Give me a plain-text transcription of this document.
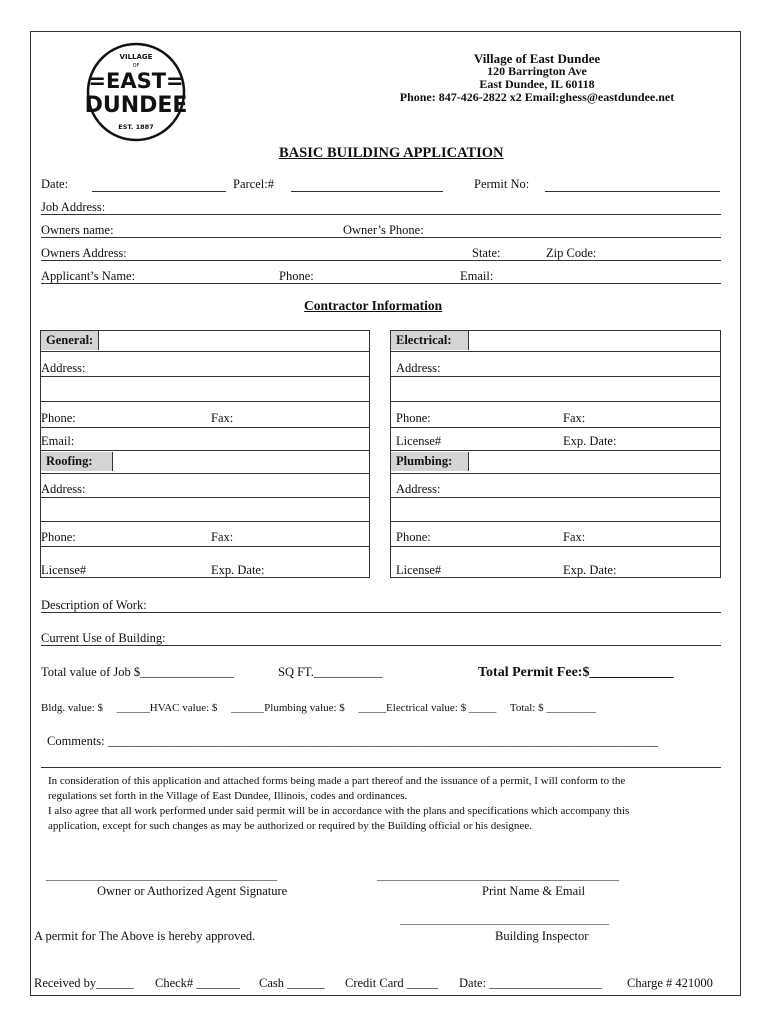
VILLAGE
OF
=EAST=
DUNDEE
EST. 1887
Village of East Dundee
120 Barrington Ave
East Dundee, IL 60118
Phone: 847-426-2822 x2 Email:ghess@eastdundee.net
BASIC BUILDING APPLICATION
Date:	Parcel:#	Permit No:
Job Address:
Owners name:	Owner’s Phone:
Owners Address:	State:	Zip Code:
Applicant’s Name:	Phone:	Email:
Contractor Information
General:
Address:
Phone:	Fax:
Email:
Roofing:
Address:
Phone:	Fax:
License#	Exp. Date:
Electrical:
Address:
Phone:	Fax:
License#	Exp. Date:
Plumbing:
Address:
Phone:	Fax:
License#	Exp. Date:
Description of Work:
Current Use of Building:
Total value of Job $_______________	SQ FT.___________	Total Permit Fee:$____________
Bldg. value: $     ______HVAC value: $     ______Plumbing value: $     _____Electrical value: $ _____     Total: $ _________
Comments: ________________________________________________________________________________________
In consideration of this application and attached forms being made a part thereof and the issuance of a permit, I will conform to the
regulations set forth in the Village of East Dundee, Illinois, codes and ordinances.
I also agree that all work performed under said permit will be in accordance with the plans and specifications which accompany this
application, except for such changes as may be authorized or required by the Building official or his designee.
__________________________________________	____________________________________________
Owner or Authorized Agent Signature	Print Name & Email
______________________________________
A permit for The Above is hereby approved.	Building Inspector
Received by______ Check# _______ Cash ______ Credit Card _____ Date: __________________ Charge # 421000
